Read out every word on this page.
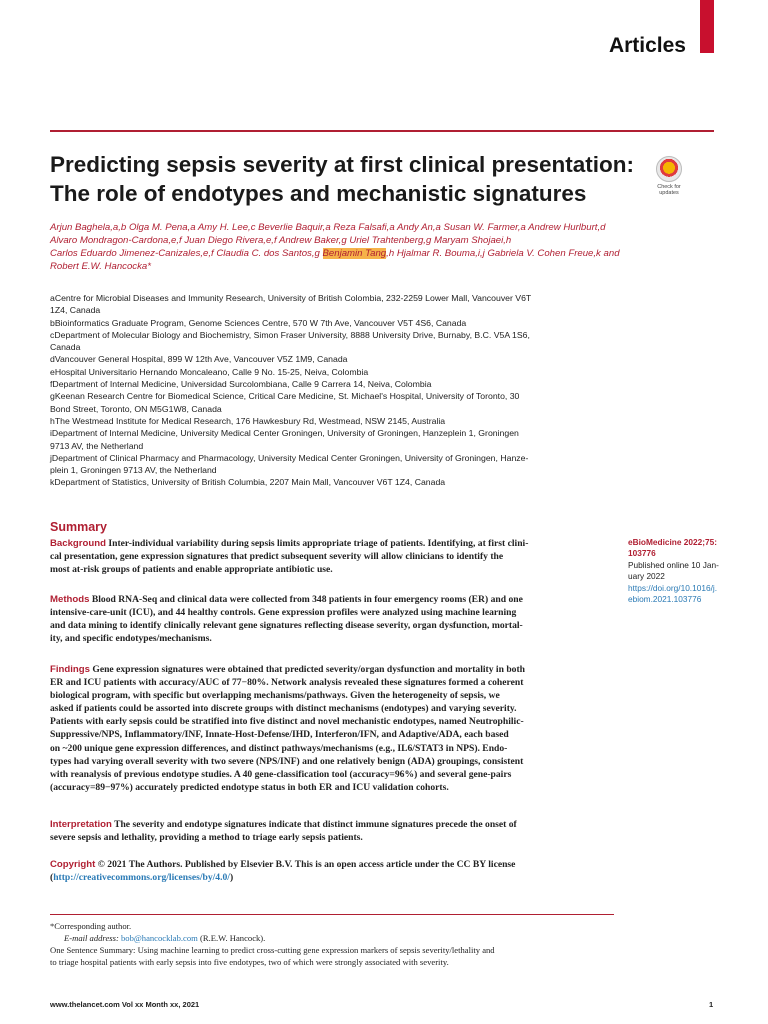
Articles
Predicting sepsis severity at first clinical presentation:
The role of endotypes and mechanistic signatures	Check for
updates
Arjun Baghela,a,b Olga M. Pena,a Amy H. Lee,c Beverlie Baquir,a Reza Falsafi,a Andy An,a Susan W. Farmer,a Andrew Hurlburt,d
Alvaro Mondragon-Cardona,e,f Juan Diego Rivera,e,f Andrew Baker,g Uriel Trahtenberg,g Maryam Shojaei,h
Carlos Eduardo Jimenez-Canizales,e,f Claudia C. dos Santos,g Benjamin Tang,h Hjalmar R. Bouma,i,j Gabriela V. Cohen Freue,k and
Robert E.W. Hancocka*
aCentre for Microbial Diseases and Immunity Research, University of British Colombia, 232-2259 Lower Mall, Vancouver V6T
1Z4, Canada
bBioinformatics Graduate Program, Genome Sciences Centre, 570 W 7th Ave, Vancouver V5T 4S6, Canada
cDepartment of Molecular Biology and Biochemistry, Simon Fraser University, 8888 University Drive, Burnaby, B.C. V5A 1S6,
Canada
dVancouver General Hospital, 899 W 12th Ave, Vancouver V5Z 1M9, Canada
eHospital Universitario Hernando Moncaleano, Calle 9 No. 15-25, Neiva, Colombia
fDepartment of Internal Medicine, Universidad Surcolombiana, Calle 9 Carrera 14, Neiva, Colombia
gKeenan Research Centre for Biomedical Science, Critical Care Medicine, St. Michael's Hospital, University of Toronto, 30
Bond Street, Toronto, ON M5G1W8, Canada
hThe Westmead Institute for Medical Research, 176 Hawkesbury Rd, Westmead, NSW 2145, Australia
iDepartment of Internal Medicine, University Medical Center Groningen, University of Groningen, Hanzeplein 1, Groningen
9713 AV, the Netherland
jDepartment of Clinical Pharmacy and Pharmacology, University Medical Center Groningen, University of Groningen, Hanze-
plein 1, Groningen 9713 AV, the Netherland
kDepartment of Statistics, University of British Columbia, 2207 Main Mall, Vancouver V6T 1Z4, Canada
Summary
Background Inter-individual variability during sepsis limits appropriate triage of patients. Identifying, at first clini-
cal presentation, gene expression signatures that predict subsequent severity will allow clinicians to identify the
most at-risk groups of patients and enable appropriate antibiotic use.
Methods Blood RNA-Seq and clinical data were collected from 348 patients in four emergency rooms (ER) and one
intensive-care-unit (ICU), and 44 healthy controls. Gene expression profiles were analyzed using machine learning
and data mining to identify clinically relevant gene signatures reflecting disease severity, organ dysfunction, mortal-
ity, and specific endotypes/mechanisms.
Findings Gene expression signatures were obtained that predicted severity/organ dysfunction and mortality in both
ER and ICU patients with accuracy/AUC of 77−80%. Network analysis revealed these signatures formed a coherent
biological program, with specific but overlapping mechanisms/pathways. Given the heterogeneity of sepsis, we
asked if patients could be assorted into discrete groups with distinct mechanisms (endotypes) and varying severity.
Patients with early sepsis could be stratified into five distinct and novel mechanistic endotypes, named Neutrophilic-
Suppressive/NPS, Inflammatory/INF, Innate-Host-Defense/IHD, Interferon/IFN, and Adaptive/ADA, each based
on ~200 unique gene expression differences, and distinct pathways/mechanisms (e.g., IL6/STAT3 in NPS). Endo-
types had varying overall severity with two severe (NPS/INF) and one relatively benign (ADA) groupings, consistent
with reanalysis of previous endotype studies. A 40 gene-classification tool (accuracy=96%) and several gene-pairs
(accuracy=89−97%) accurately predicted endotype status in both ER and ICU validation cohorts.
Interpretation The severity and endotype signatures indicate that distinct immune signatures precede the onset of
severe sepsis and lethality, providing a method to triage early sepsis patients.
Copyright © 2021 The Authors. Published by Elsevier B.V. This is an open access article under the CC BY license
(http://creativecommons.org/licenses/by/4.0/)
eBioMedicine 2022;75:
103776
Published online 10 Jan-
uary 2022
https://doi.org/10.1016/j.
ebiom.2021.103776
*Corresponding author.
E-mail address: bob@hancocklab.com (R.E.W. Hancock).
One Sentence Summary: Using machine learning to predict cross-cutting gene expression markers of sepsis severity/lethality and
to triage hospital patients with early sepsis into five endotypes, two of which were strongly associated with severity.
www.thelancet.com Vol xx Month xx, 2021	1
